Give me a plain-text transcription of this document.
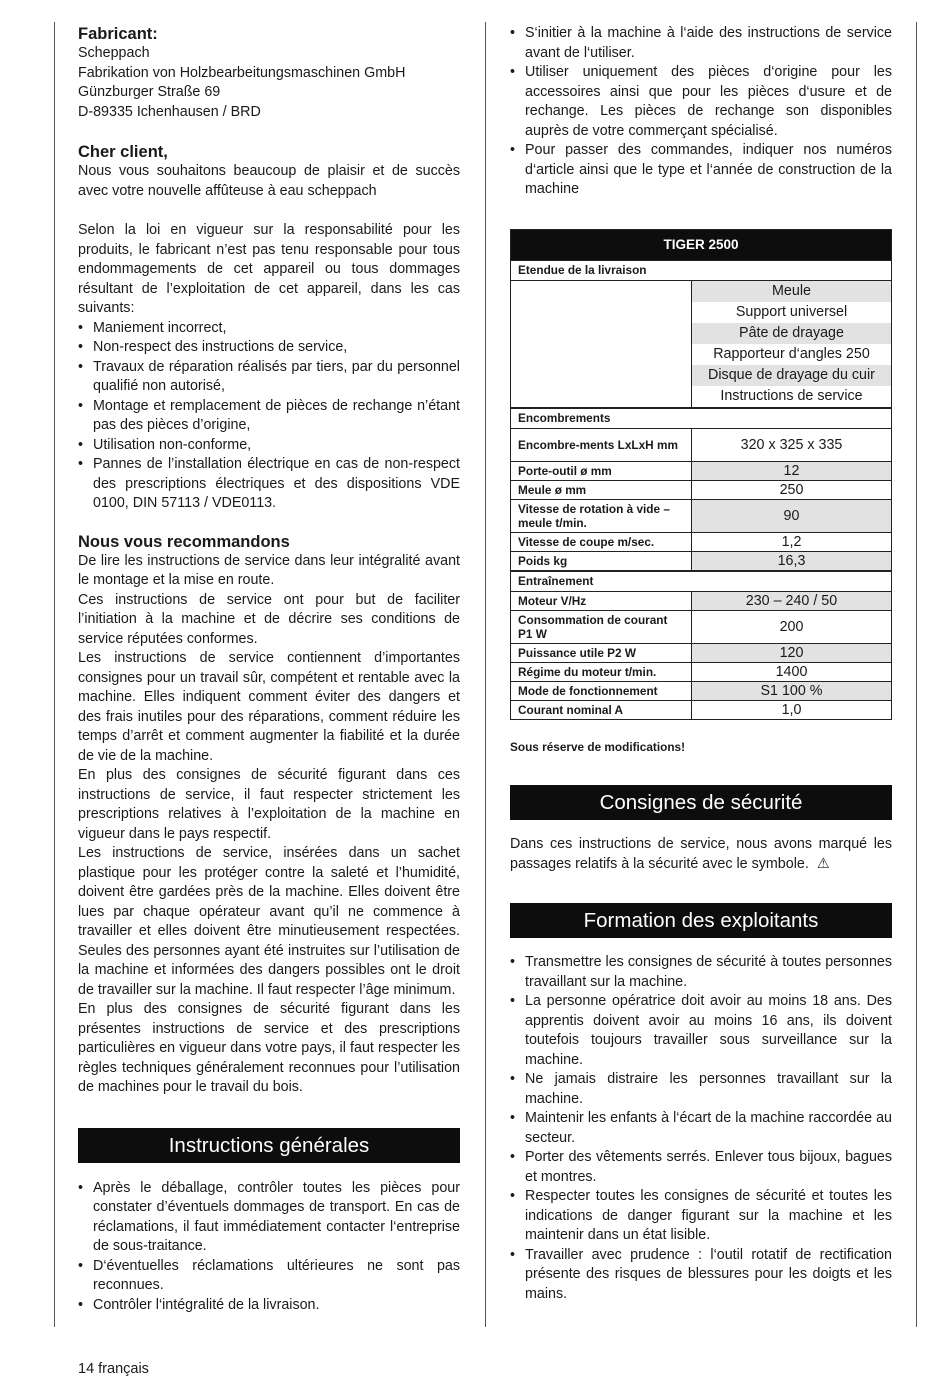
Fabricant:

Scheppach

Fabrikation von Holzbearbeitungsmaschinen GmbH

Günzburger Straße 69

D-89335 Ichenhausen / BRD

Cher client,

Nous vous souhaitons beaucoup de plaisir et de succès avec votre nouvelle affûteuse à eau scheppach

Selon la loi en vigueur sur la responsabilité pour les produits, le fabricant n’est pas tenu responsable pour tous endommagements de cet appareil ou tous dommages résultant de l’exploitation de cet appareil, dans les cas suivants:

• Maniement incorrect,
• Non-respect des instructions de service,
• Travaux de réparation réalisés par tiers, par du personnel qualifié non autorisé,
• Montage et remplacement de pièces de rechange n’étant pas des pièces d’origine,
• Utilisation non-conforme,
• Pannes de l’installation électrique en cas de non-respect des prescriptions électriques et des dispositions VDE 0100, DIN 57113 / VDE0113.

Nous vous recommandons

De lire les instructions de service dans leur intégralité avant le montage et la mise en route.

Ces instructions de service ont pour but de faciliter l’initiation à la machine et de décrire ses conditions de service réputées conformes.

Les instructions de service contiennent d’importantes consignes pour un travail sûr, compétent et rentable avec la machine. Elles indiquent comment éviter des dangers et des frais inutiles pour des réparations, comment réduire les temps d’arrêt et comment augmenter la fiabilité et la durée de vie de la machine.

En plus des consignes de sécurité figurant dans ces instructions de service, il faut respecter strictement les prescriptions relatives à l’exploitation de la machine en vigueur dans le pays respectif.

Les instructions de service, insérées dans un sachet plastique pour les protéger contre la saleté et l’humidité, doivent être gardées près de la machine. Elles doivent être lues par chaque opérateur avant qu’il ne commence à travailler et elles doivent être minutieusement respectées. Seules des personnes ayant été instruites sur l’utilisation de la machine et informées des dangers possibles ont le droit de travailler sur la machine. Il faut respecter l’âge minimum.

En plus des consignes de sécurité figurant dans les présentes instructions de service et des prescriptions particulières en vigueur dans votre pays, il faut respecter les règles techniques généralement reconnues pour l’utilisation de machines pour le travail du bois.

Instructions générales
• Après le déballage, contrôler toutes les pièces pour constater d’éventuels dommages de transport. En cas de réclamations, il faut immédiatement contacter l‘entreprise de sous-traitance.
• D‘éventuelles réclamations ultérieures ne sont pas reconnues.
• Contrôler l‘intégralité de la livraison.
• S‘initier à la machine à l‘aide des instructions de service avant de l‘utiliser.
• Utiliser uniquement des pièces d‘origine pour les accessoires ainsi que pour les pièces d‘usure et de rechange. Les pièces de rechange son disponibles auprès de votre commerçant spécialisé.
• Pour passer des commandes, indiquer nos numéros d‘article ainsi que le type et l‘année de construction de la machine
TIGER 2500	
Etendue de la livraison	
	Meule
	Support universel
	Pâte de drayage
	Rapporteur d‘angles 250
	Disque de drayage du cuir
	Instructions de service
Encombrements	
Encombre-ments LxLxH mm	320 x 325 x 335
Porte-outil ø mm	12
Meule ø mm	250
Vitesse de rotation à vide – meule t/min.	90
Vitesse de coupe m/sec.	1,2
Poids kg	16,3
Entraînement	
Moteur V/Hz	230 – 240 / 50
Consommation de courant P1 W	200
Puissance utile P2 W	120
Régime du moteur t/min.	1400
Mode de fonctionnement	S1 100 %
Courant nominal A	1,0

Sous réserve de modifications!

Consignes de sécurité

Dans ces instructions de service, nous avons marqué les passages relatifs à la sécurité avec le symbole. ⚠

Formation des exploitants
• Transmettre les consignes de sécurité à toutes personnes travaillant sur la machine.
• La personne opératrice doit avoir au moins 18 ans. Des apprentis doivent avoir au moins 16 ans, ils doivent toutefois toujours travailler sous surveillance sur la machine.
• Ne jamais distraire les personnes travaillant sur la machine.
• Maintenir les enfants à l‘écart de la machine raccordée au secteur.
• Porter des vêtements serrés. Enlever tous bijoux, bagues et montres.
• Respecter toutes les consignes de sécurité et toutes les indications de danger figurant sur la machine et les maintenir dans un état lisible.
• Travailler avec prudence : l‘outil rotatif de rectification présente des risques de blessures pour les doigts et les mains.
14 français
